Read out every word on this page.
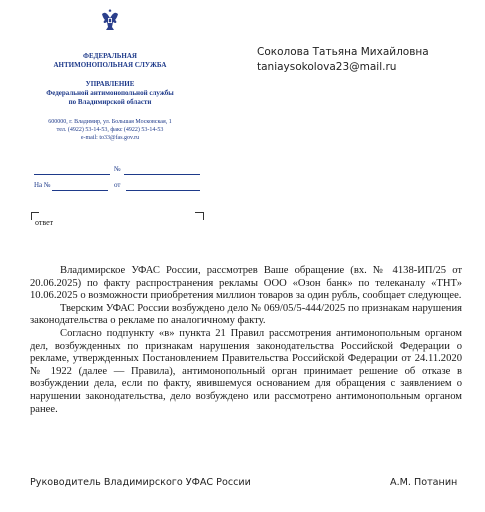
ФЕДЕРАЛЬНАЯ
АНТИМОНОПОЛЬНАЯ СЛУЖБА
УПРАВЛЕНИЕ
Федеральной антимонопольной службы
по Владимирской области
600000, г. Владимир, ул. Большая Московская, 1
тел. (4922) 53-14-53, факс (4922) 53-14-53
e-mail: to33@fas.gov.ru
№
На №	от
ответ
Соколова Татьяна Михайловна
taniaysokolova23@mail.ru

Владимирское УФАС России, рассмотрев Ваше обращение (вх. № 4138-ИП/25 от 20.06.2025) по факту распространения рекламы ООО «Озон банк» по телеканалу «ТНТ» 10.06.2025 о возможности приобретения миллион товаров за один рубль, сообщает следующее.

Тверским УФАС России возбуждено дело № 069/05/5-444/2025 по признакам нарушения законодательства о рекламе по аналогичному факту.

Согласно подпункту «в» пункта 21 Правил рассмотрения антимонопольным органом дел, возбужденных по признакам нарушения законодательства Российской Федерации о рекламе, утвержденных Постановлением Правительства Российской Федерации от 24.11.2020 № 1922 (далее — Правила), антимонопольный орган принимает решение об отказе в возбуждении дела, если по факту, явившемуся основанием для обращения с заявлением о нарушении законодательства, дело возбуждено или рассмотрено антимонопольным органом ранее.

Руководитель Владимирского УФАС России	А.М. Потанин
